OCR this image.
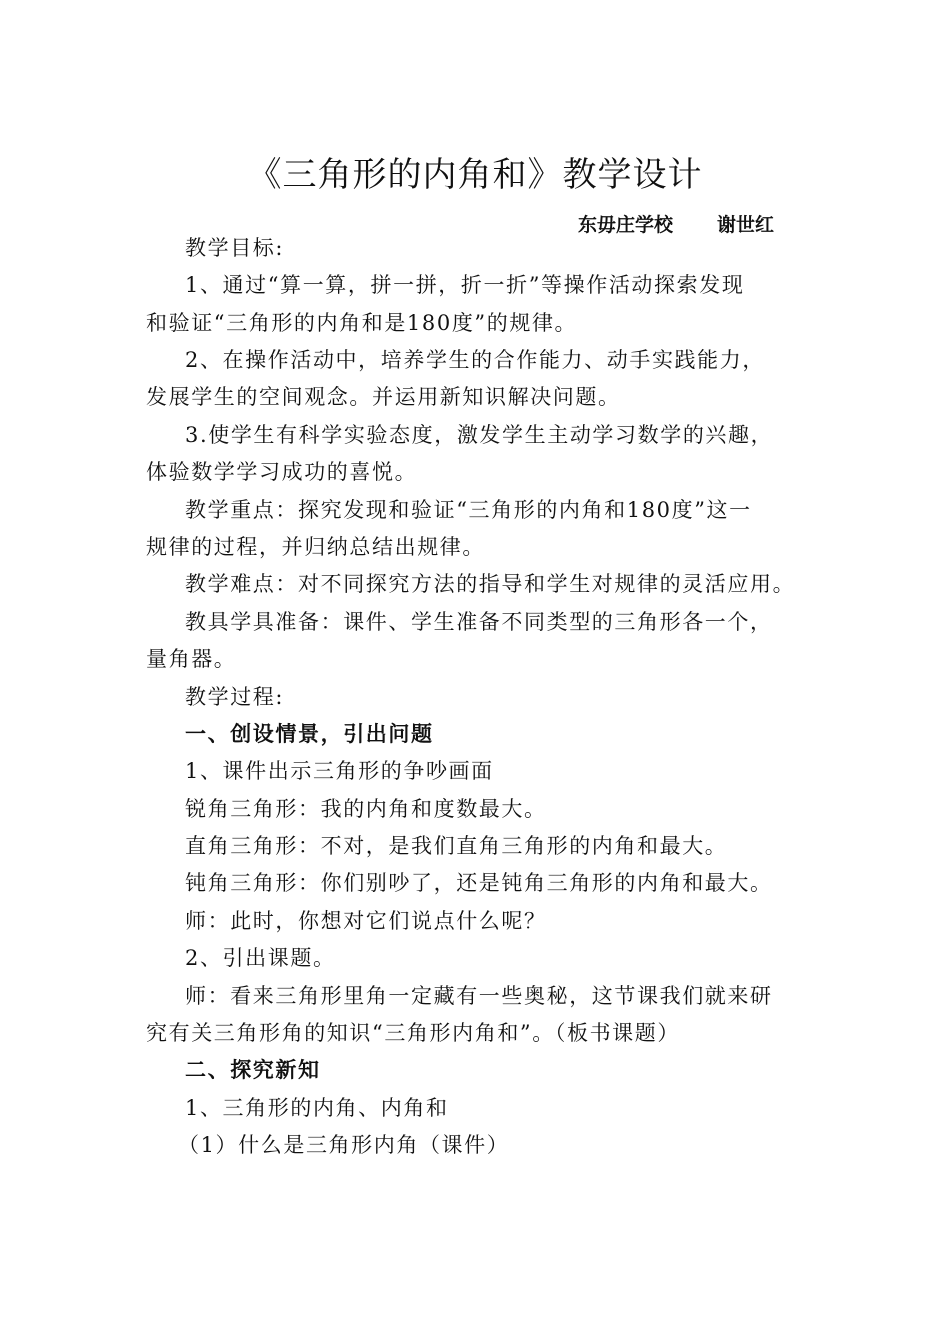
《三角形的内角和》教学设计
东毋庄学校 谢世红
教学目标:
1、通过“算一算，拼一拼，折一折”等操作活动探索发现
和验证“三角形的内角和是180度”的规律。
2、在操作活动中，培养学生的合作能力、动手实践能力，
发展学生的空间观念。并运用新知识解决问题。
3.使学生有科学实验态度，激发学生主动学习数学的兴趣，
体验数学学习成功的喜悦。
教学重点：探究发现和验证“三角形的内角和180度”这一
规律的过程，并归纳总结出规律。
教学难点：对不同探究方法的指导和学生对规律的灵活应用。
教具学具准备：课件、学生准备不同类型的三角形各一个，
量角器。
教学过程:
一、创设情景，引出问题
1、课件出示三角形的争吵画面
锐角三角形：我的内角和度数最大。
直角三角形：不对，是我们直角三角形的内角和最大。
钝角三角形：你们别吵了，还是钝角三角形的内角和最大。
师：此时，你想对它们说点什么呢？
2、引出课题。
师：看来三角形里角一定藏有一些奥秘，这节课我们就来研
究有关三角形角的知识“三角形内角和”。（板书课题）
二、探究新知
1、三角形的内角、内角和
（1）什么是三角形内角（课件）
